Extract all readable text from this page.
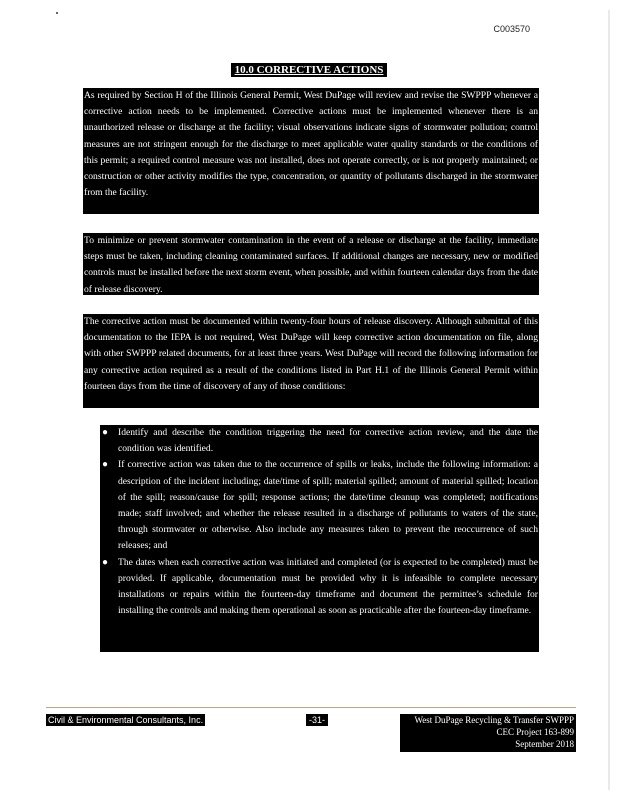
C003570
10.0 CORRECTIVE ACTIONS
As required by Section H of the Illinois General Permit, West DuPage will review and revise the SWPPP whenever a corrective action needs to be implemented. Corrective actions must be implemented whenever there is an unauthorized release or discharge at the facility; visual observations indicate signs of stormwater pollution; control measures are not stringent enough for the discharge to meet applicable water quality standards or the conditions of this permit; a required control measure was not installed, does not operate correctly, or is not properly maintained; or construction or other activity modifies the type, concentration, or quantity of pollutants discharged in the stormwater from the facility.
To minimize or prevent stormwater contamination in the event of a release or discharge at the facility, immediate steps must be taken, including cleaning contaminated surfaces. If additional changes are necessary, new or modified controls must be installed before the next storm event, when possible, and within fourteen calendar days from the date of release discovery.
The corrective action must be documented within twenty-four hours of release discovery. Although submittal of this documentation to the IEPA is not required, West DuPage will keep corrective action documentation on file, along with other SWPPP related documents, for at least three years. West DuPage will record the following information for any corrective action required as a result of the conditions listed in Part H.1 of the Illinois General Permit within fourteen days from the time of discovery of any of those conditions:
● Identify and describe the condition triggering the need for corrective action review, and the date the condition was identified.
● If corrective action was taken due to the occurrence of spills or leaks, include the following information: a description of the incident including; date/time of spill; material spilled; amount of material spilled; location of the spill; reason/cause for spill; response actions; the date/time cleanup was completed; notifications made; staff involved; and whether the release resulted in a discharge of pollutants to waters of the state, through stormwater or otherwise. Also include any measures taken to prevent the reoccurrence of such releases; and
● The dates when each corrective action was initiated and completed (or is expected to be completed) must be provided. If applicable, documentation must be provided why it is infeasible to complete necessary installations or repairs within the fourteen-day timeframe and document the permittee’s schedule for installing the controls and making them operational as soon as practicable after the fourteen-day timeframe.
Civil & Environmental Consultants, Inc.	-31-	West DuPage Recycling & Transfer SWPPP
CEC Project 163-899
September 2018
